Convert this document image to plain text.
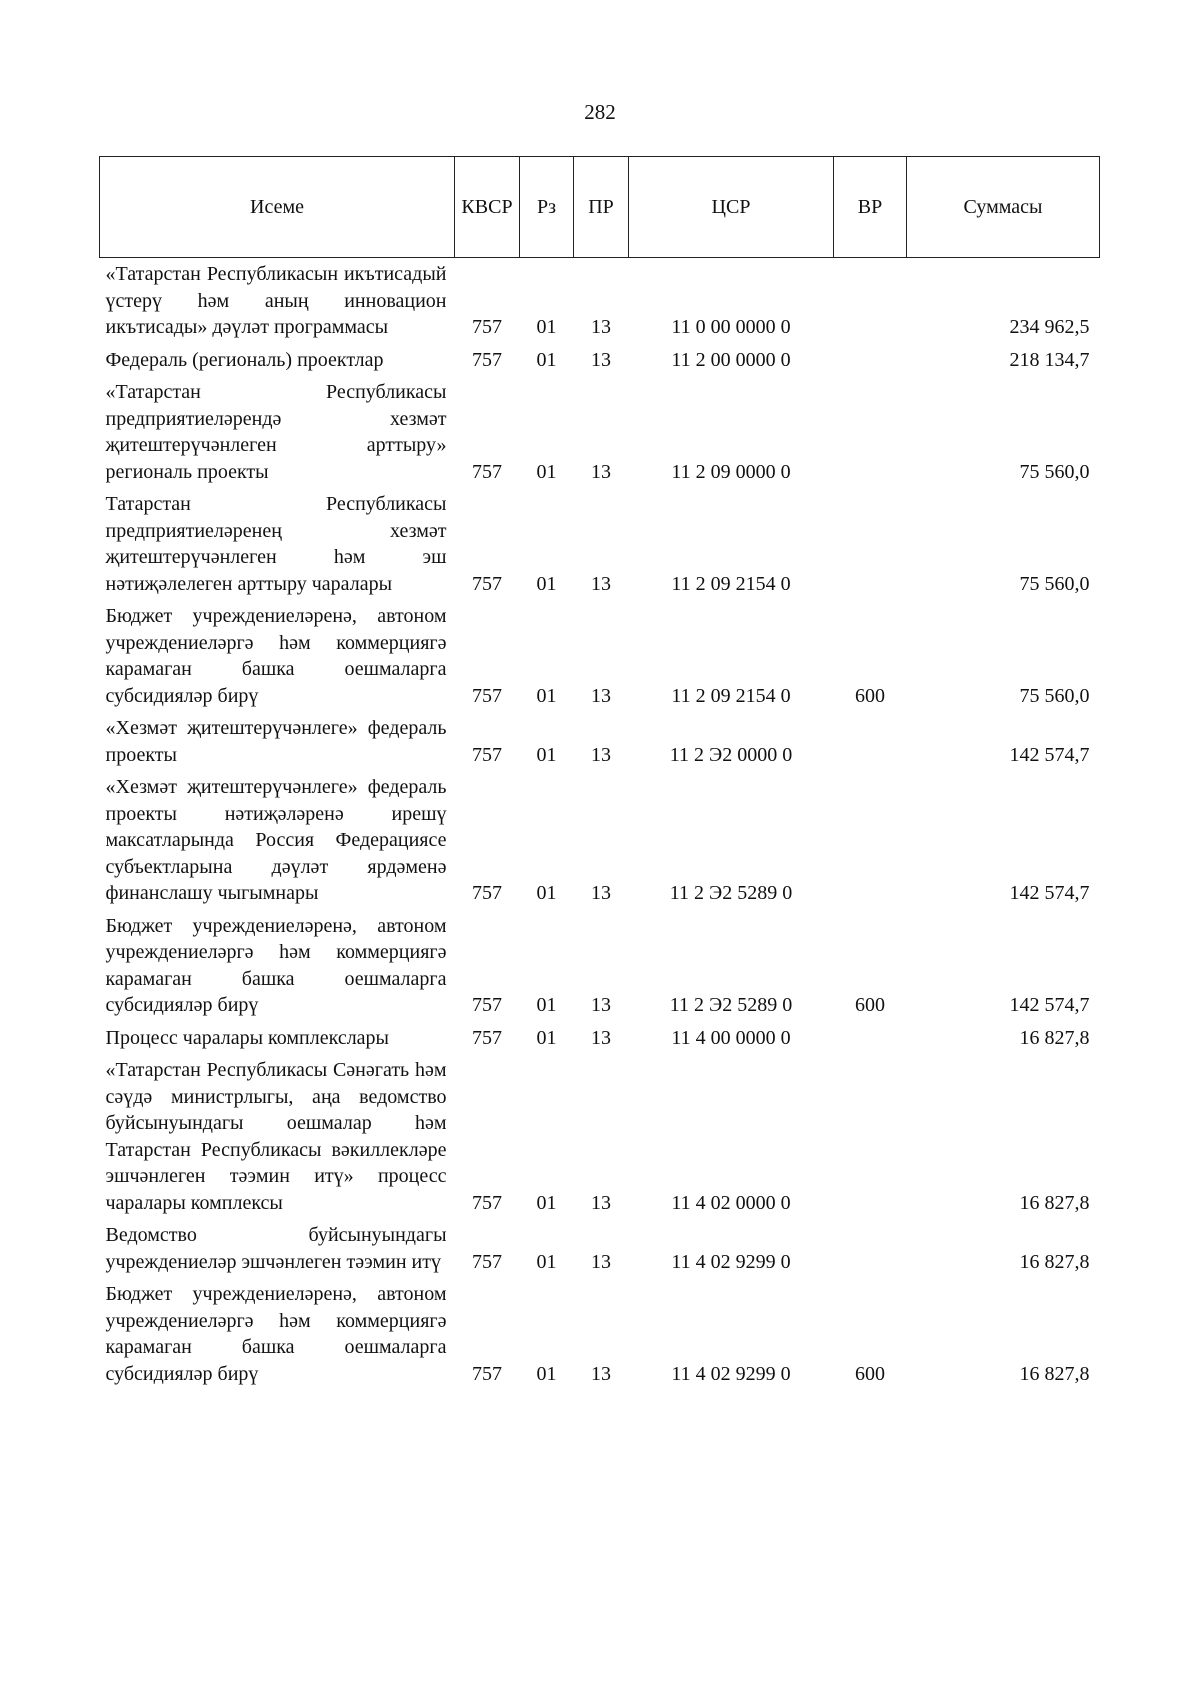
282
Исеме	КВСР	Рз	ПР	ЦСР	ВР	Суммасы
«Татарстан Республикасын икътисадый үстерү һәм аның инновацион икътисады» дәүләт программасы	757	01	13	11 0 00 0000 0		234 962,5
Федераль (региональ) проектлар	757	01	13	11 2 00 0000 0		218 134,7
«Татарстан Республикасы предприятиеләрендә хезмәт җитештерүчәнлеген арттыру» региональ проекты	757	01	13	11 2 09 0000 0		75 560,0
Татарстан Республикасы предприятиеләренең хезмәт җитештерүчәнлеген һәм эш нәтиҗәлелеген арттыру чаралары	757	01	13	11 2 09 2154 0		75 560,0
Бюджет учреждениеләренә, автоном учреждениеләргә һәм коммерциягә карамаган башка оешмаларга субсидияләр бирү	757	01	13	11 2 09 2154 0	600	75 560,0
«Хезмәт җитештерүчәнлеге» федераль проекты	757	01	13	11 2 Э2 0000 0		142 574,7
«Хезмәт җитештерүчәнлеге» федераль проекты нәтиҗәләренә ирешү максатларында Россия Федерациясе субъектларына дәүләт ярдәменә финанслашу чыгымнары	757	01	13	11 2 Э2 5289 0		142 574,7
Бюджет учреждениеләренә, автоном учреждениеләргә һәм коммерциягә карамаган башка оешмаларга субсидияләр бирү	757	01	13	11 2 Э2 5289 0	600	142 574,7
Процесс чаралары комплекслары	757	01	13	11 4 00 0000 0		16 827,8
«Татарстан Республикасы Сәнәгать һәм сәүдә министрлыгы, аңа ведомство буйсынуындагы оешмалар һәм Татарстан Республикасы вәкиллекләре эшчәнлеген тәэмин итү» процесс чаралары комплексы	757	01	13	11 4 02 0000 0		16 827,8
Ведомство буйсынуындагы учреждениеләр эшчәнлеген тәэмин итү	757	01	13	11 4 02 9299 0		16 827,8
Бюджет учреждениеләренә, автоном учреждениеләргә һәм коммерциягә карамаган башка оешмаларга субсидияләр бирү	757	01	13	11 4 02 9299 0	600	16 827,8
